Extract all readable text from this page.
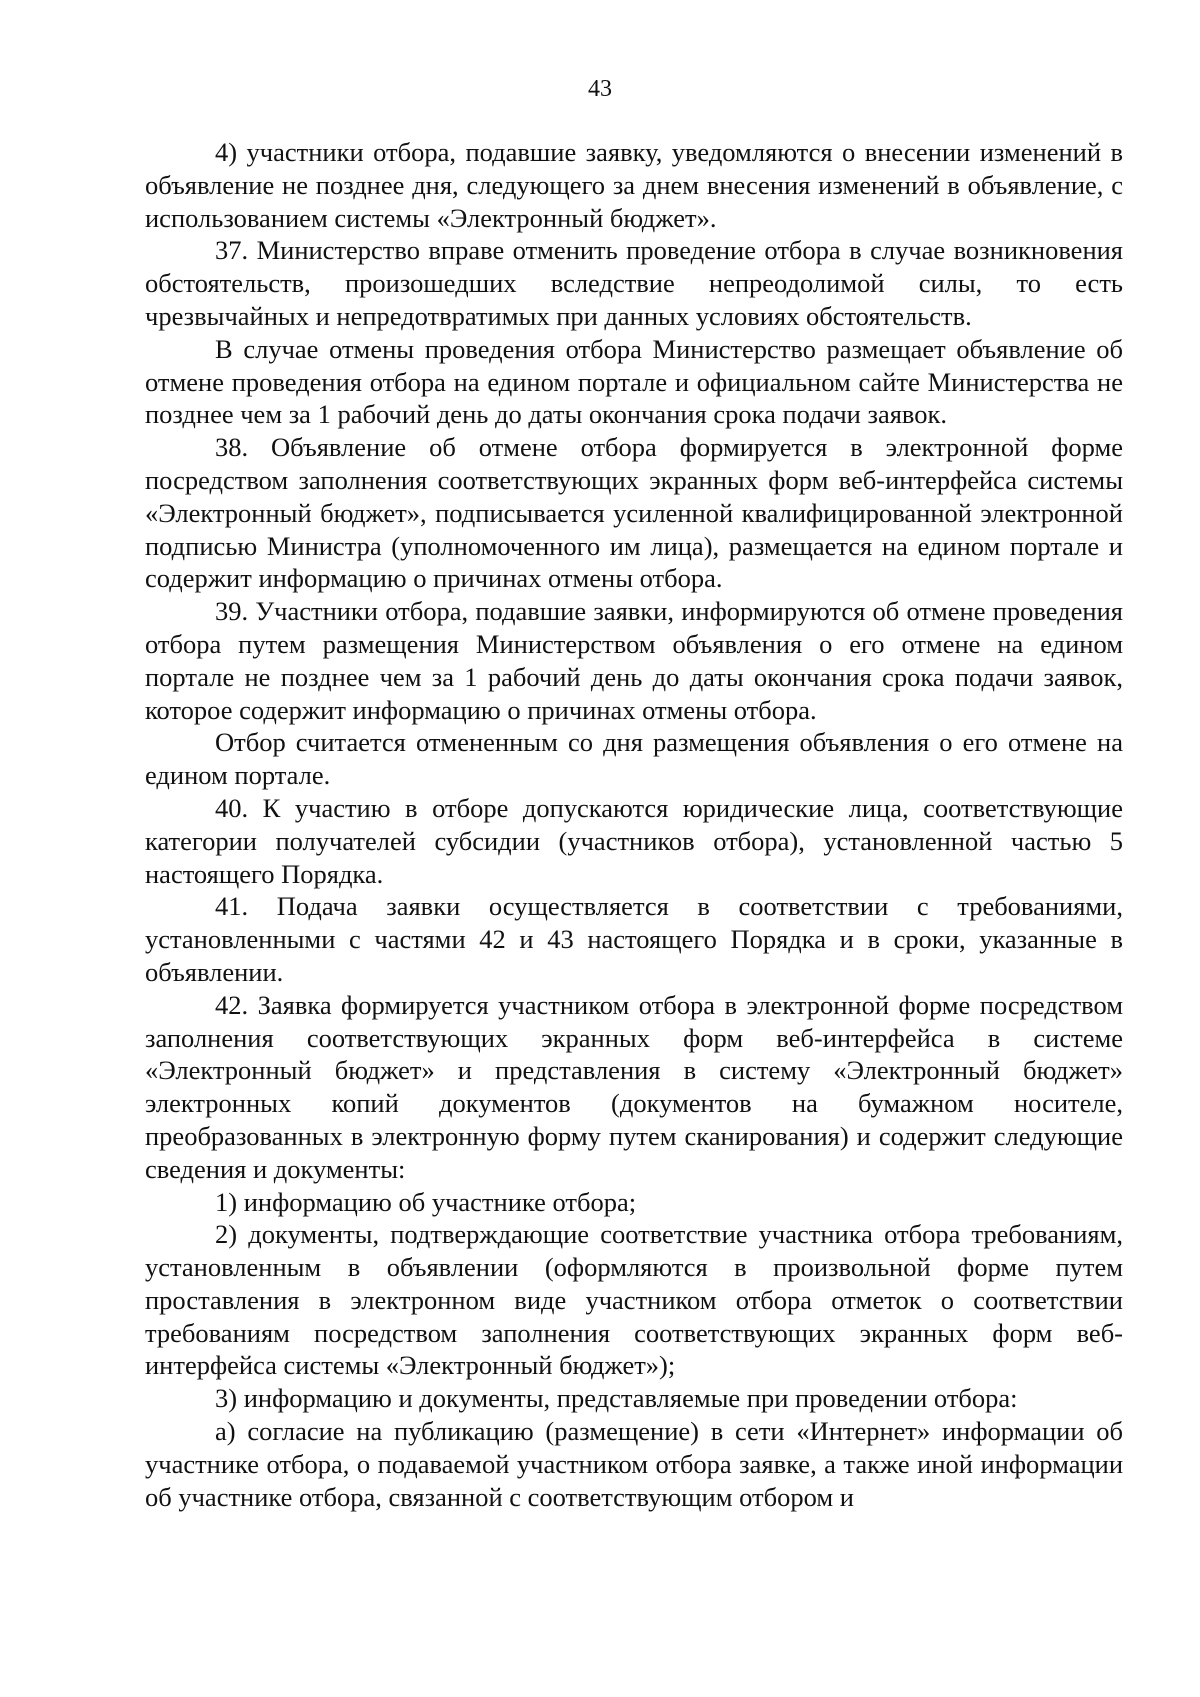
43

4) участники отбора, подавшие заявку, уведомляются о внесении изменений в объявление не позднее дня, следующего за днем внесения изменений в объявление, с использованием системы «Электронный бюджет».

37. Министерство вправе отменить проведение отбора в случае возникновения обстоятельств, произошедших вследствие непреодолимой силы, то есть чрезвычайных и непредотвратимых при данных условиях обстоятельств.

В случае отмены проведения отбора Министерство размещает объявление об отмене проведения отбора на едином портале и официальном сайте Министерства не позднее чем за 1 рабочий день до даты окончания срока подачи заявок.

38. Объявление об отмене отбора формируется в электронной форме посредством заполнения соответствующих экранных форм веб-интерфейса системы «Электронный бюджет», подписывается усиленной квалифицированной электронной подписью Министра (уполномоченного им лица), размещается на едином портале и содержит информацию о причинах отмены отбора.

39. Участники отбора, подавшие заявки, информируются об отмене проведения отбора путем размещения Министерством объявления о его отмене на едином портале не позднее чем за 1 рабочий день до даты окончания срока подачи заявок, которое содержит информацию о причинах отмены отбора.

Отбор считается отмененным со дня размещения объявления о его отмене на едином портале.

40. К участию в отборе допускаются юридические лица, соответствующие категории получателей субсидии (участников отбора), установленной частью 5 настоящего Порядка.

41. Подача заявки осуществляется в соответствии с требованиями, установленными с частями 42 и 43 настоящего Порядка и в сроки, указанные в объявлении.

42. Заявка формируется участником отбора в электронной форме посредством заполнения соответствующих экранных форм веб-интерфейса в системе «Электронный бюджет» и представления в систему «Электронный бюджет» электронных копий документов (документов на бумажном носителе, преобразованных в электронную форму путем сканирования) и содержит следующие сведения и документы:

1) информацию об участнике отбора;

2) документы, подтверждающие соответствие участника отбора требованиям, установленным в объявлении (оформляются в произвольной форме путем проставления в электронном виде участником отбора отметок о соответствии требованиям посредством заполнения соответствующих экранных форм веб-интерфейса системы «Электронный бюджет»);

3) информацию и документы, представляемые при проведении отбора:

а) согласие на публикацию (размещение) в сети «Интернет» информации об участнике отбора, о подаваемой участником отбора заявке, а также иной информации об участнике отбора, связанной с соответствующим отбором и
